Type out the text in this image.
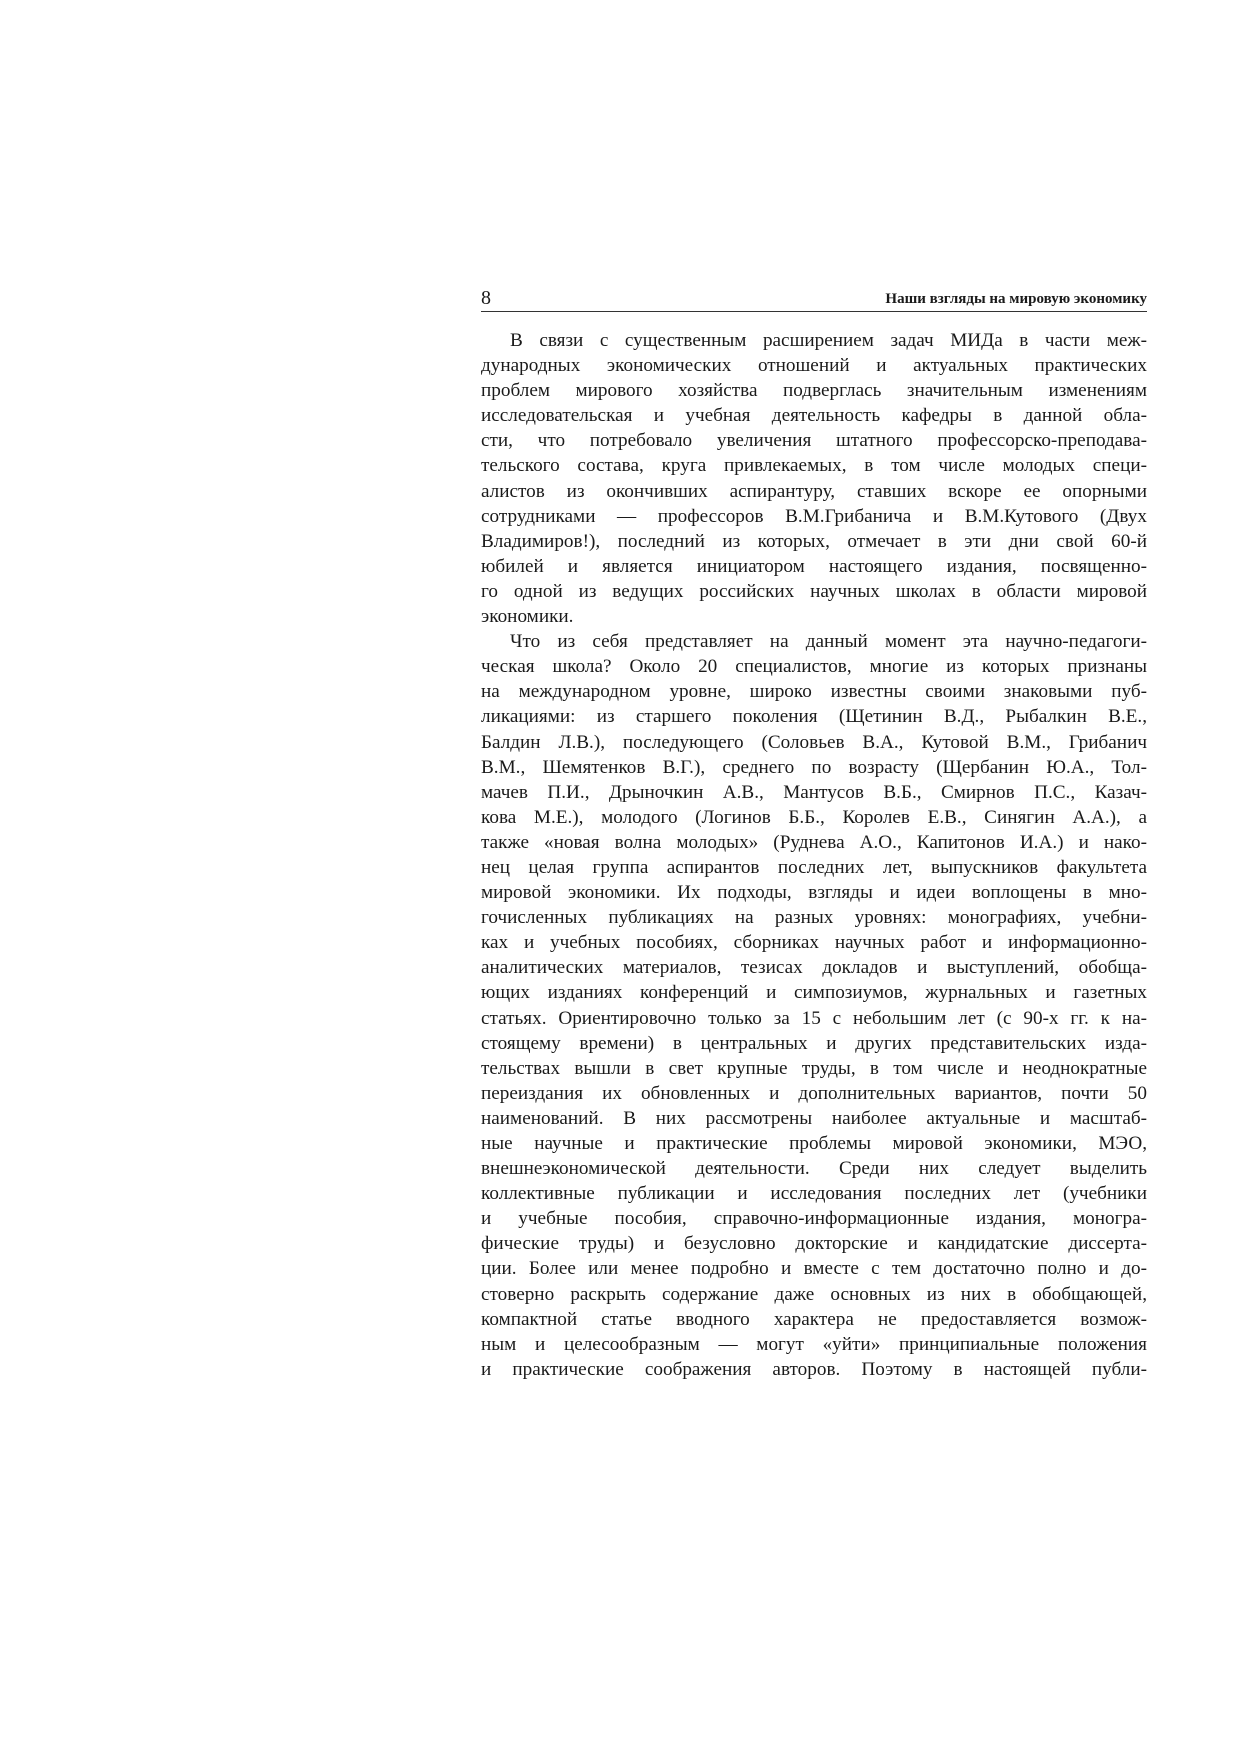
8	Наши взгляды на мировую экономику
В связи с существенным расширением задач МИДа в части меж-
дународных экономических отношений и актуальных практических
проблем мирового хозяйства подверглась значительным изменениям
исследовательская и учебная деятельность кафедры в данной обла-
сти, что потребовало увеличения штатного профессорско-преподава-
тельского состава, круга привлекаемых, в том числе молодых специ-
алистов из окончивших аспирантуру, ставших вскоре ее опорными
сотрудниками — профессоров В.М.Грибанича и В.М.Кутового (Двух
Владимиров!), последний из которых, отмечает в эти дни свой 60-й
юбилей и является инициатором настоящего издания, посвященно-
го одной из ведущих российских научных школах в области мировой
экономики.
Что из себя представляет на данный момент эта научно-педагоги-
ческая школа? Около 20 специалистов, многие из которых признаны
на международном уровне, широко известны своими знаковыми пуб-
ликациями: из старшего поколения (Щетинин В.Д., Рыбалкин В.Е.,
Балдин Л.В.), последующего (Соловьев В.А., Кутовой В.М., Грибанич
В.М., Шемятенков В.Г.), среднего по возрасту (Щербанин Ю.А., Тол-
мачев П.И., Дрыночкин А.В., Мантусов В.Б., Смирнов П.С., Казач-
кова М.Е.), молодого (Логинов Б.Б., Королев Е.В., Синягин А.А.), а
также «новая волна молодых» (Руднева А.О., Капитонов И.А.) и нако-
нец целая группа аспирантов последних лет, выпускников факультета
мировой экономики. Их подходы, взгляды и идеи воплощены в мно-
гочисленных публикациях на разных уровнях: монографиях, учебни-
ках и учебных пособиях, сборниках научных работ и информационно-
аналитических материалов, тезисах докладов и выступлений, обобща-
ющих изданиях конференций и симпозиумов, журнальных и газетных
статьях. Ориентировочно только за 15 с небольшим лет (с 90-х гг. к на-
стоящему времени) в центральных и других представительских изда-
тельствах вышли в свет крупные труды, в том числе и неоднократные
переиздания их обновленных и дополнительных вариантов, почти 50
наименований. В них рассмотрены наиболее актуальные и масштаб-
ные научные и практические проблемы мировой экономики, МЭО,
внешнеэкономической деятельности. Среди них следует выделить
коллективные публикации и исследования последних лет (учебники
и учебные пособия, справочно-информационные издания, моногра-
фические труды) и безусловно докторские и кандидатские диссерта-
ции. Более или менее подробно и вместе с тем достаточно полно и до-
стоверно раскрыть содержание даже основных из них в обобщающей,
компактной статье вводного характера не предоставляется возмож-
ным и целесообразным — могут «уйти» принципиальные положения
и практические соображения авторов. Поэтому в настоящей публи-
